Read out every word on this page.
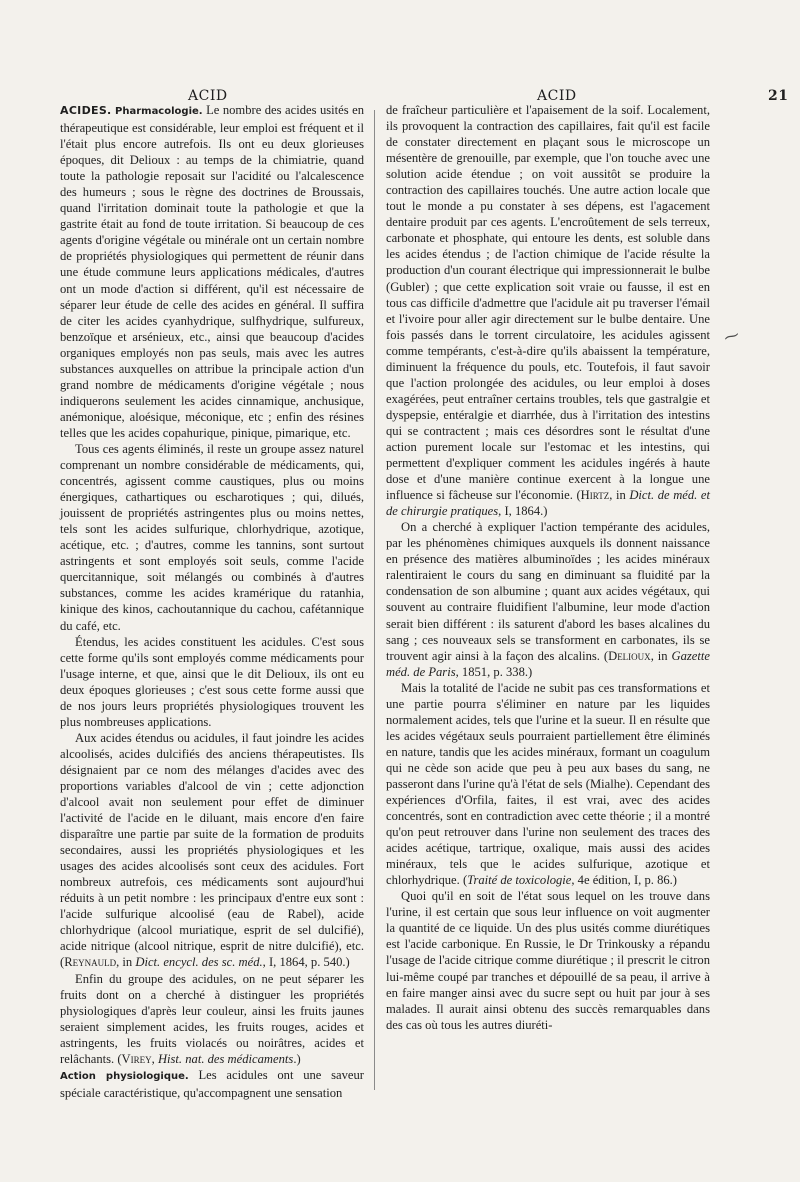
ACID	ACID	21

ACIDES. Pharmacologie. Le nombre des acides usités en thérapeutique est considérable, leur emploi est fréquent et il l'était plus encore autrefois. Ils ont eu deux glorieuses époques, dit Delioux : au temps de la chimiatrie, quand toute la pathologie reposait sur l'acidité ou l'alcalescence des humeurs ; sous le règne des doctrines de Broussais, quand l'irritation dominait toute la pathologie et que la gastrite était au fond de toute irritation. Si beaucoup de ces agents d'origine végétale ou minérale ont un certain nombre de propriétés physiologiques qui permettent de réunir dans une étude commune leurs applications médicales, d'autres ont un mode d'action si différent, qu'il est nécessaire de séparer leur étude de celle des acides en général. Il suffira de citer les acides cyanhydrique, sulfhydrique, sulfureux, benzoïque et arsénieux, etc., ainsi que beaucoup d'acides organiques employés non pas seuls, mais avec les autres substances auxquelles on attribue la principale action d'un grand nombre de médicaments d'origine végétale ; nous indiquerons seulement les acides cinnamique, anchusique, anémonique, aloésique, méconique, etc ; enfin des résines telles que les acides copahurique, pinique, pimarique, etc.

Tous ces agents éliminés, il reste un groupe assez naturel comprenant un nombre considérable de médicaments, qui, concentrés, agissent comme caustiques, plus ou moins énergiques, cathartiques ou escharotiques ; qui, dilués, jouissent de propriétés astringentes plus ou moins nettes, tels sont les acides sulfurique, chlorhydrique, azotique, acétique, etc. ; d'autres, comme les tannins, sont surtout astringents et sont employés soit seuls, comme l'acide quercitannique, soit mélangés ou combinés à d'autres substances, comme les acides kramérique du ratanhia, kinique des kinos, cachoutannique du cachou, cafétannique du café, etc.

Étendus, les acides constituent les acidules. C'est sous cette forme qu'ils sont employés comme médicaments pour l'usage interne, et que, ainsi que le dit Delioux, ils ont eu deux époques glorieuses ; c'est sous cette forme aussi que de nos jours leurs propriétés physiologiques trouvent les plus nombreuses applications.

Aux acides étendus ou acidules, il faut joindre les acides alcoolisés, acides dulcifiés des anciens thérapeutistes. Ils désignaient par ce nom des mélanges d'acides avec des proportions variables d'alcool de vin ; cette adjonction d'alcool avait non seulement pour effet de diminuer l'activité de l'acide en le diluant, mais encore d'en faire disparaître une partie par suite de la formation de produits secondaires, aussi les propriétés physiologiques et les usages des acides alcoolisés sont ceux des acidules. Fort nombreux autrefois, ces médicaments sont aujourd'hui réduits à un petit nombre : les principaux d'entre eux sont : l'acide sulfurique alcoolisé (eau de Rabel), acide chlorhydrique (alcool muriatique, esprit de sel dulcifié), acide nitrique (alcool nitrique, esprit de nitre dulcifié), etc. (Reynauld, in Dict. encycl. des sc. méd., I, 1864, p. 540.)

Enfin du groupe des acidules, on ne peut séparer les fruits dont on a cherché à distinguer les propriétés physiologiques d'après leur couleur, ainsi les fruits jaunes seraient simplement acides, les fruits rouges, acides et astringents, les fruits violacés ou noirâtres, acides et relâchants. (Virey, Hist. nat. des médicaments.)

Action physiologique. Les acidules ont une saveur spéciale caractéristique, qu'accompagnent une sensation

de fraîcheur particulière et l'apaisement de la soif. Localement, ils provoquent la contraction des capillaires, fait qu'il est facile de constater directement en plaçant sous le microscope un mésentère de grenouille, par exemple, que l'on touche avec une solution acide étendue ; on voit aussitôt se produire la contraction des capillaires touchés. Une autre action locale que tout le monde a pu constater à ses dépens, est l'agacement dentaire produit par ces agents. L'encroûtement de sels terreux, carbonate et phosphate, qui entoure les dents, est soluble dans les acides étendus ; de l'action chimique de l'acide résulte la production d'un courant électrique qui impressionnerait le bulbe (Gubler) ; que cette explication soit vraie ou fausse, il est en tous cas difficile d'admettre que l'acidule ait pu traverser l'émail et l'ivoire pour aller agir directement sur le bulbe dentaire. Une fois passés dans le torrent circulatoire, les acidules agissent comme tempérants, c'est-à-dire qu'ils abaissent la température, diminuent la fréquence du pouls, etc. Toutefois, il faut savoir que l'action prolongée des acidules, ou leur emploi à doses exagérées, peut entraîner certains troubles, tels que gastralgie et dyspepsie, entéralgie et diarrhée, dus à l'irritation des intestins qui se contractent ; mais ces désordres sont le résultat d'une action purement locale sur l'estomac et les intestins, qui permettent d'expliquer comment les acidules ingérés à haute dose et d'une manière continue exercent à la longue une influence si fâcheuse sur l'économie. (Hirtz, in Dict. de méd. et de chirurgie pratiques, I, 1864.)

On a cherché à expliquer l'action tempérante des acidules, par les phénomènes chimiques auxquels ils donnent naissance en présence des matières albuminoïdes ; les acides minéraux ralentiraient le cours du sang en diminuant sa fluidité par la condensation de son albumine ; quant aux acides végétaux, qui souvent au contraire fluidifient l'albumine, leur mode d'action serait bien différent : ils saturent d'abord les bases alcalines du sang ; ces nouveaux sels se transforment en carbonates, ils se trouvent agir ainsi à la façon des alcalins. (Delioux, in Gazette méd. de Paris, 1851, p. 338.)

Mais la totalité de l'acide ne subit pas ces transformations et une partie pourra s'éliminer en nature par les liquides normalement acides, tels que l'urine et la sueur. Il en résulte que les acides végétaux seuls pourraient partiellement être éliminés en nature, tandis que les acides minéraux, formant un coagulum qui ne cède son acide que peu à peu aux bases du sang, ne passeront dans l'urine qu'à l'état de sels (Mialhe). Cependant des expériences d'Orfila, faites, il est vrai, avec des acides concentrés, sont en contradiction avec cette théorie ; il a montré qu'on peut retrouver dans l'urine non seulement des traces des acides acétique, tartrique, oxalique, mais aussi des acides minéraux, tels que le acides sulfurique, azotique et chlorhydrique. (Traité de toxicologie, 4e édition, I, p. 86.)

Quoi qu'il en soit de l'état sous lequel on les trouve dans l'urine, il est certain que sous leur influence on voit augmenter la quantité de ce liquide. Un des plus usités comme diurétiques est l'acide carbonique. En Russie, le Dr Trinkousky a répandu l'usage de l'acide citrique comme diurétique ; il prescrit le citron lui-même coupé par tranches et dépouillé de sa peau, il arrive à en faire manger ainsi avec du sucre sept ou huit par jour à ses malades. Il aurait ainsi obtenu des succès remarquables dans des cas où tous les autres diuréti-

⁓
